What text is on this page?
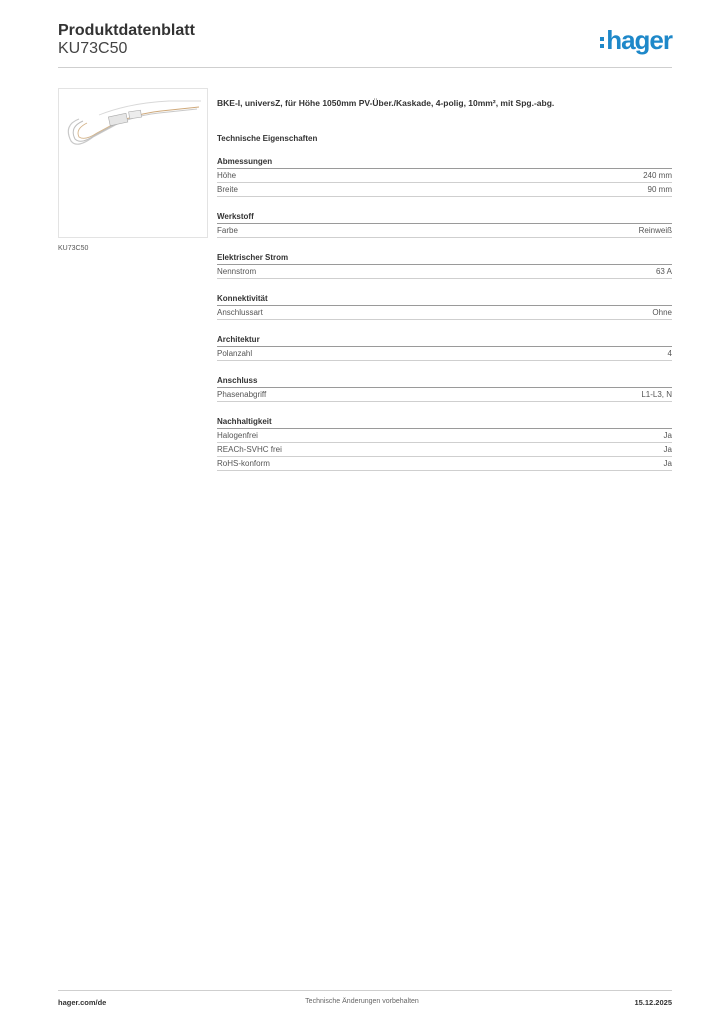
Produktdatenblatt
KU73C50	hager
KU73C50

BKE-I, universZ, für Höhe 1050mm PV-Über./Kaskade, 4-polig, 10mm², mit Spg.-abg.

Technische Eigenschaften
Abmessungen
Höhe	240 mm
Breite	90 mm
Werkstoff
Farbe	Reinweiß
Elektrischer Strom
Nennstrom	63 A
Konnektivität
Anschlussart	Ohne
Architektur
Polanzahl	4
Anschluss
Phasenabgriff	L1-L3, N
Nachhaltigkeit
Halogenfrei	Ja
REACh-SVHC frei	Ja
RoHS-konform	Ja
hager.com/de	Technische Änderungen vorbehalten	15.12.2025
